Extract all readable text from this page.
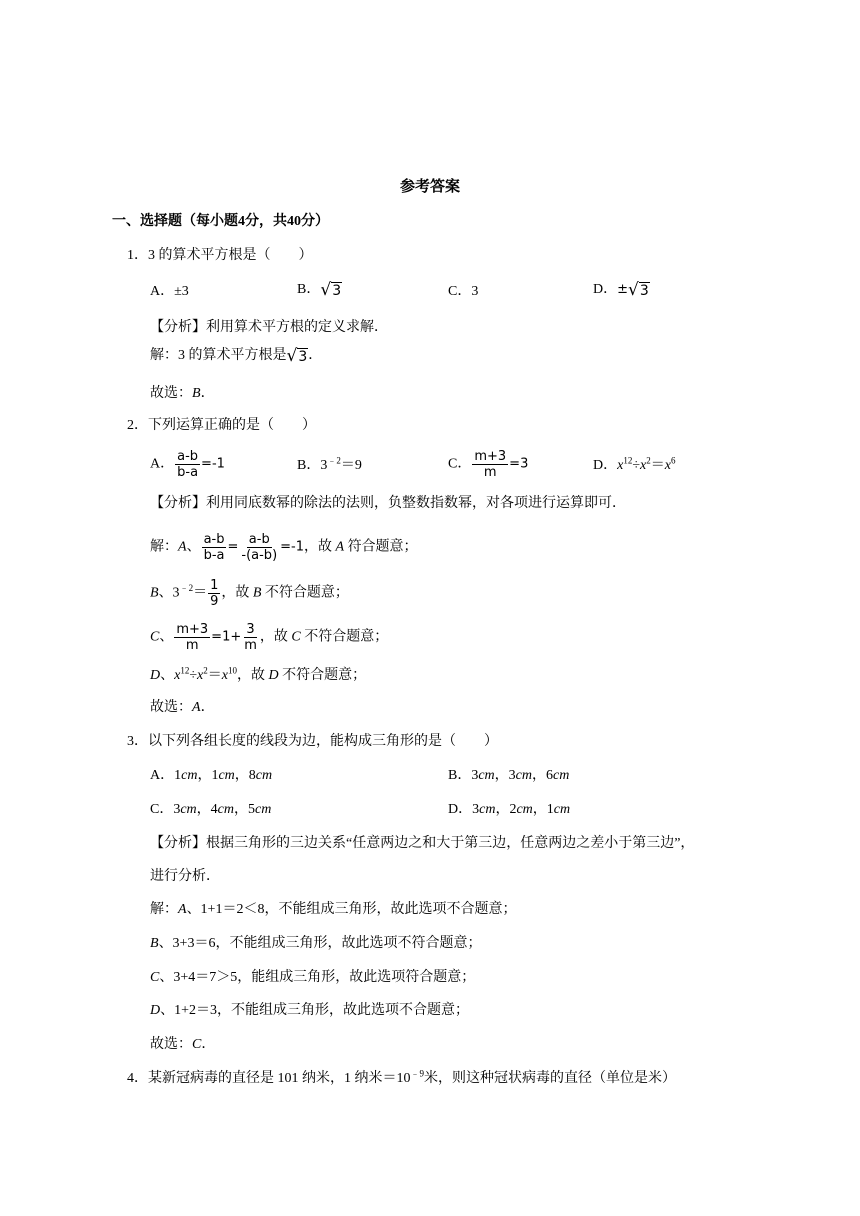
参考答案
一、选择题（每小题4分，共40分）
1．3 的算术平方根是（　　）
A．±3	B． √ 3	C．3	D．± √ 3
【分析】利用算术平方根的定义求解．
解：3 的算术平方根是 √ 3 ．
故选：B．
2．下列运算正确的是（　　）
A． $\frac{a-b}{b-a} =-1$	B．$3^{﹣2}=9$	C． $\frac{m+3}{m} =3$	D．$x^{12}\div x^2=x^6$
【分析】利用同底数幂的除法的法则，负整数指数幂，对各项进行运算即可．
解：A、 $\frac{a-b}{b-a} = \frac{a-b}{-(a-b)} =-1$，故 A 符合题意；
B、$3^{﹣2}= \frac{1}{9}$ ，故 B 不符合题意；
C、 $\frac{m+3}{m} =1+ \frac{3}{m}$ ，故 C 不符合题意；
D、$x^{12}\div x^2=x^{10}$，故 D 不符合题意；
故选：A．
3．以下列各组长度的线段为边，能构成三角形的是（　　）
A．1cm，1cm，8cm	B．3cm，3cm，6cm
C．3cm，4cm，5cm	D．3cm，2cm，1cm
【分析】根据三角形的三边关系“任意两边之和大于第三边，任意两边之差小于第三边”，
进行分析．
解：A、1+1＝2＜8，不能组成三角形，故此选项不合题意；
B、3+3＝6，不能组成三角形，故此选项不符合题意；
C、3+4＝7＞5，能组成三角形，故此选项符合题意；
D、1+2＝3，不能组成三角形，故此选项不合题意；
故选：C．
4．某新冠病毒的直径是 101 纳米，1 纳米$=10^{﹣9}$米，则这种冠状病毒的直径（单位是米）
